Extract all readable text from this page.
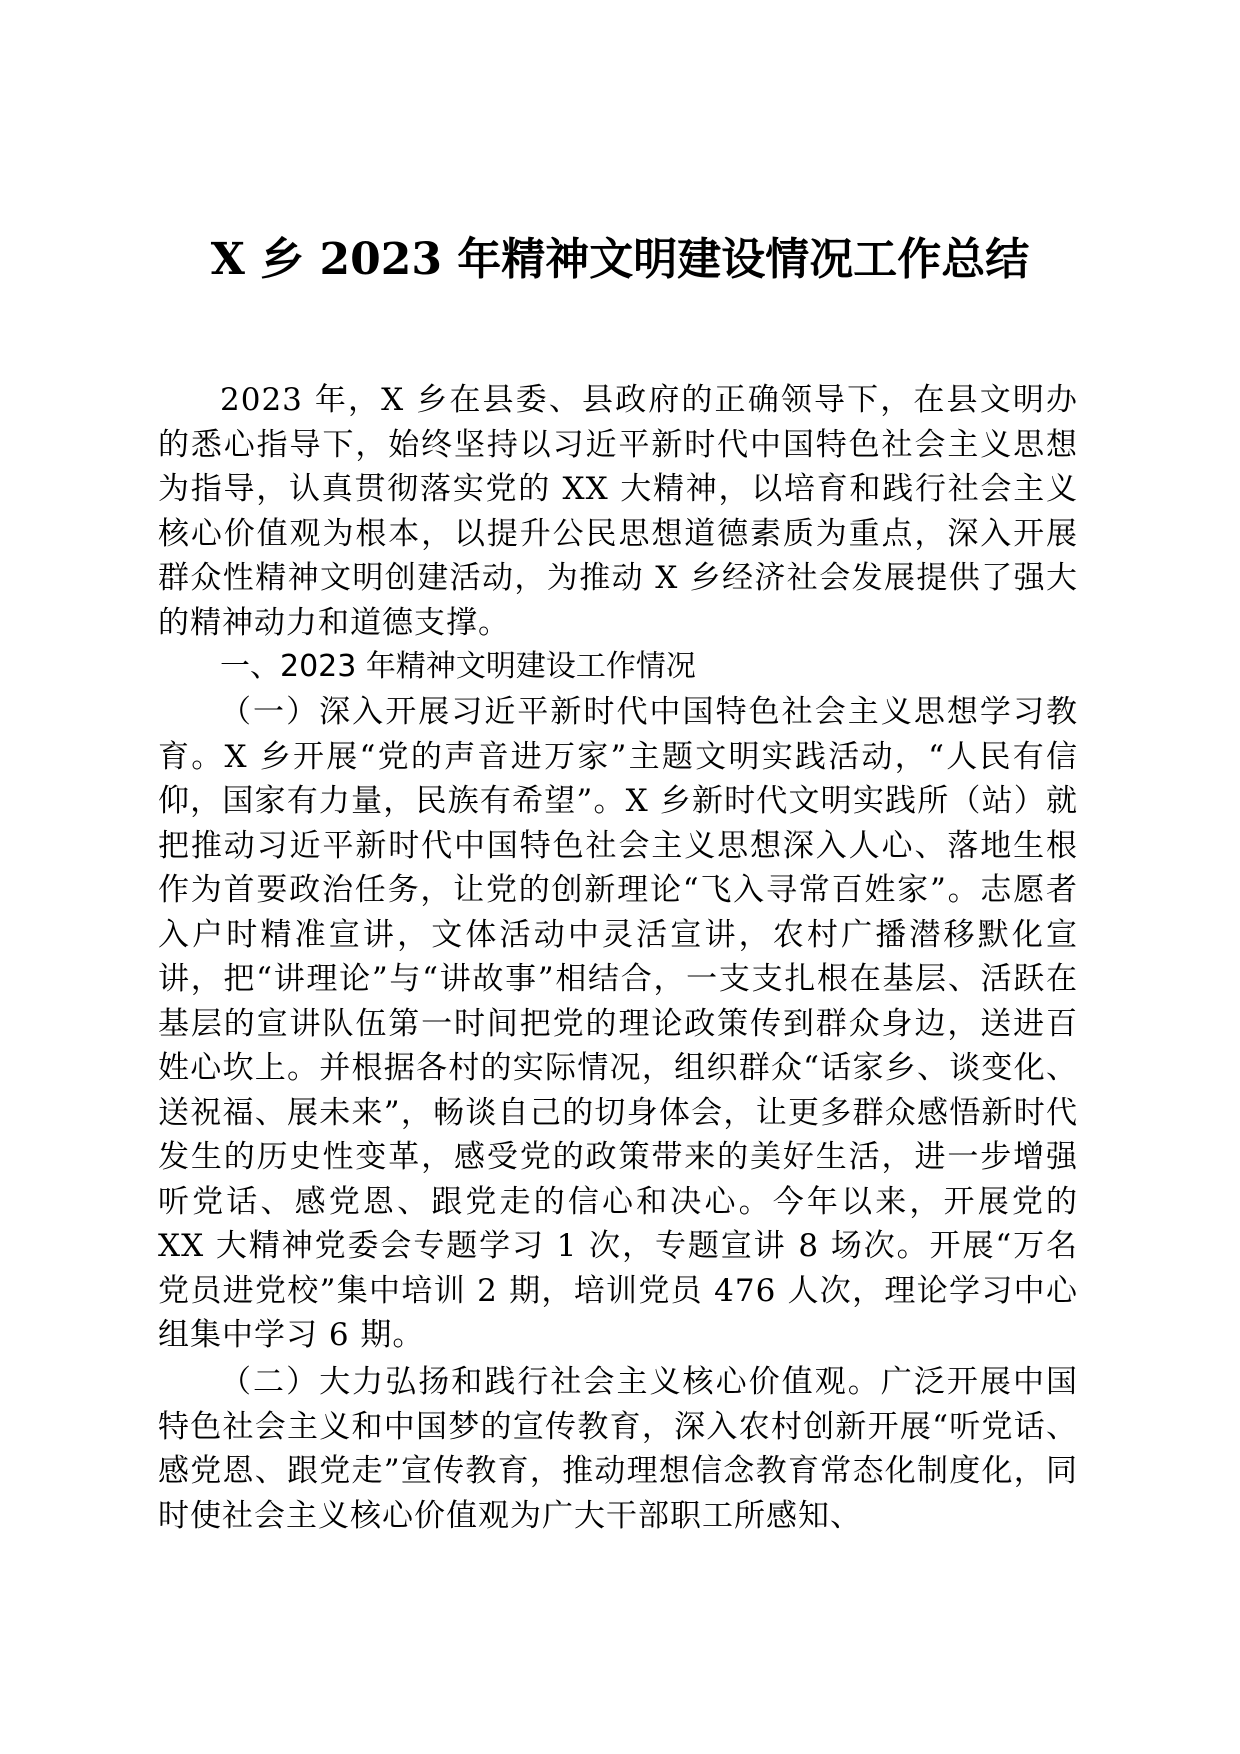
X 乡 2023 年精神文明建设情况工作总结

2023 年，X 乡在县委、县政府的正确领导下，在县文明办的悉心指导下，始终坚持以习近平新时代中国特色社会主义思想为指导，认真贯彻落实党的 XX 大精神，以培育和践行社会主义核心价值观为根本，以提升公民思想道德素质为重点，深入开展群众性精神文明创建活动，为推动 X 乡经济社会发展提供了强大的精神动力和道德支撑。

一、2023 年精神文明建设工作情况

（一）深入开展习近平新时代中国特色社会主义思想学习教育。X 乡开展“党的声音进万家”主题文明实践活动，“人民有信仰，国家有力量，民族有希望”。X 乡新时代文明实践所（站）就把推动习近平新时代中国特色社会主义思想深入人心、落地生根作为首要政治任务，让党的创新理论“飞入寻常百姓家”。志愿者入户时精准宣讲，文体活动中灵活宣讲，农村广播潜移默化宣讲，把“讲理论”与“讲故事”相结合，一支支扎根在基层、活跃在基层的宣讲队伍第一时间把党的理论政策传到群众身边，送进百姓心坎上。并根据各村的实际情况，组织群众“话家乡、谈变化、送祝福、展未来”，畅谈自己的切身体会，让更多群众感悟新时代发生的历史性变革，感受党的政策带来的美好生活，进一步增强听党话、感党恩、跟党走的信心和决心。今年以来，开展党的 XX 大精神党委会专题学习 1 次，专题宣讲 8 场次。开展“万名党员进党校”集中培训 2 期，培训党员 476 人次，理论学习中心组集中学习 6 期。

（二）大力弘扬和践行社会主义核心价值观。广泛开展中国特色社会主义和中国梦的宣传教育，深入农村创新开展“听党话、感党恩、跟党走”宣传教育，推动理想信念教育常态化制度化，同时使社会主义核心价值观为广大干部职工所感知、
